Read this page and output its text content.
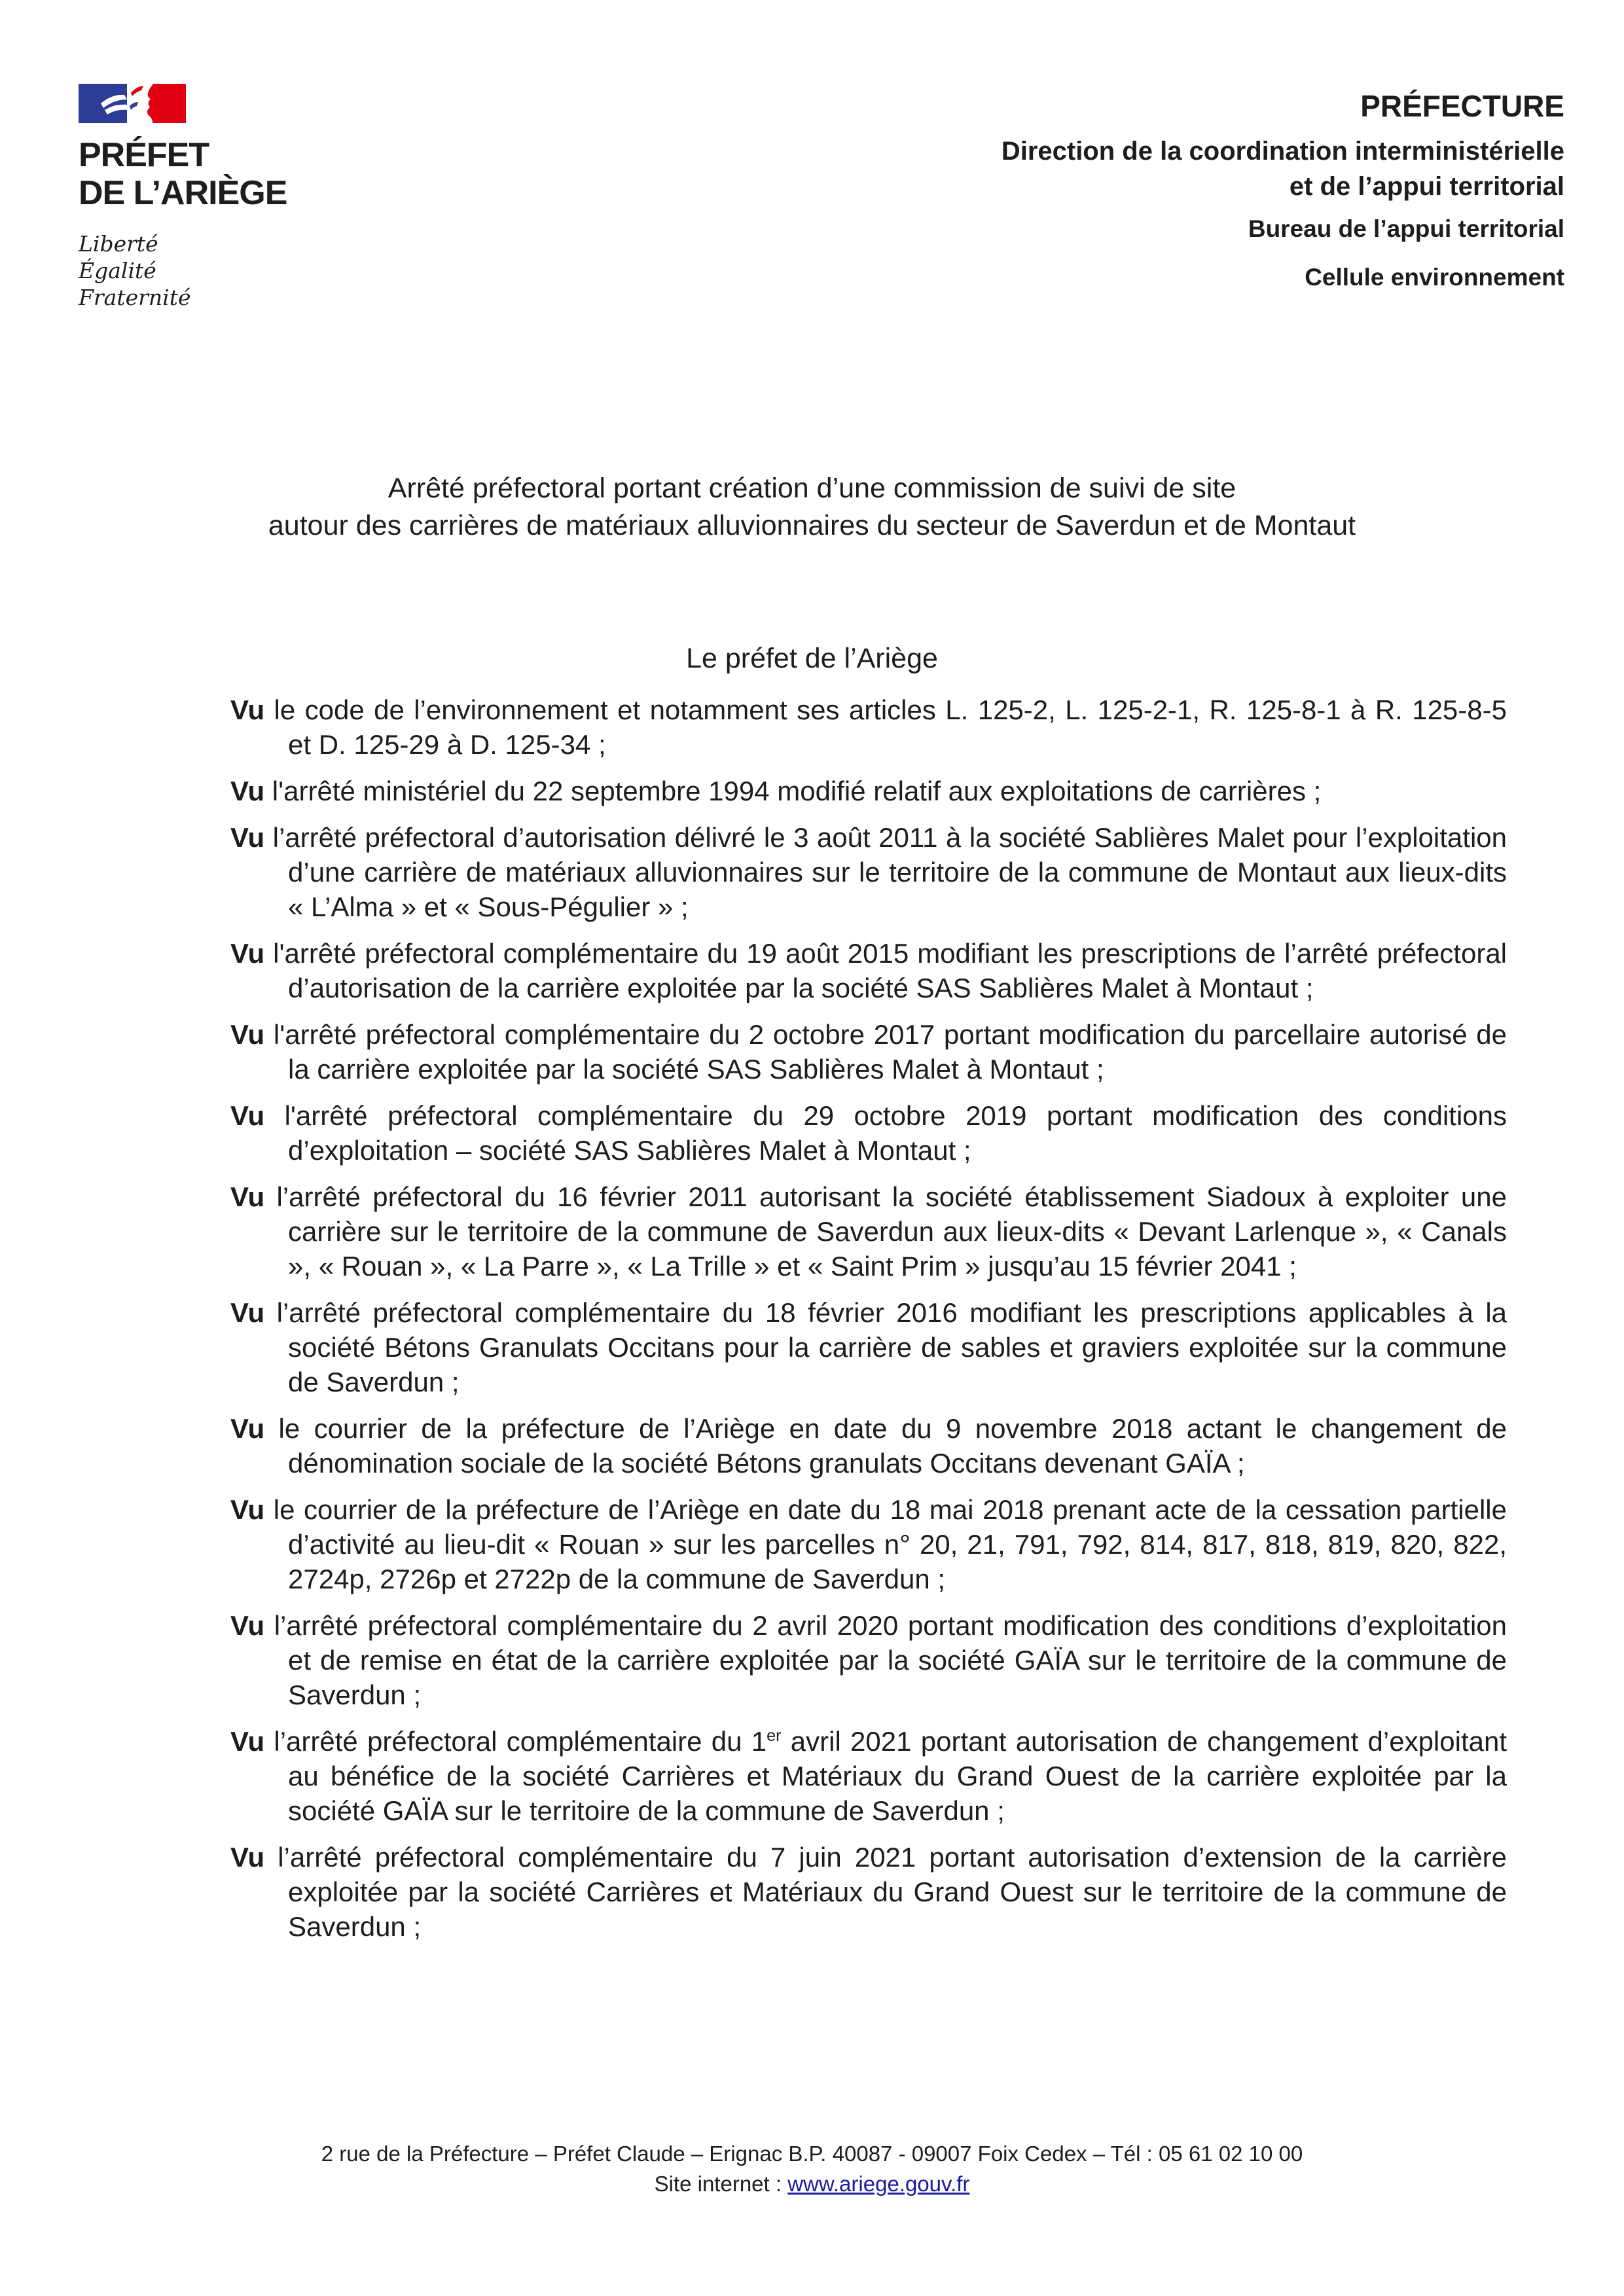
PRÉFET
DE L’ARIÈGE
Liberté
Égalité
Fraternité
PRÉFECTURE
Direction de la coordination interministérielle
et de l’appui territorial
Bureau de l’appui territorial
Cellule environnement
Arrêté préfectoral portant création d’une commission de suivi de site
autour des carrières de matériaux alluvionnaires du secteur de Saverdun et de Montaut
Le préfet de l’Ariège

Vu le code de l’environnement et notamment ses articles L. 125-2, L. 125-2-1, R. 125-8-1 à R. 125-8-5 et D. 125-29 à D. 125-34 ;

Vu l'arrêté ministériel du 22 septembre 1994 modifié relatif aux exploitations de carrières ;

Vu l’arrêté préfectoral d’autorisation délivré le 3 août 2011 à la société Sablières Malet pour l’exploitation d’une carrière de matériaux alluvionnaires sur le territoire de la commune de Montaut aux lieux-dits « L’Alma » et « Sous-Pégulier » ;

Vu l'arrêté préfectoral complémentaire du 19 août 2015 modifiant les prescriptions de l’arrêté préfectoral d’autorisation de la carrière exploitée par la société SAS Sablières Malet à Montaut ;

Vu l'arrêté préfectoral complémentaire du 2 octobre 2017 portant modification du parcellaire autorisé de la carrière exploitée par la société SAS Sablières Malet à Montaut ;

Vu l'arrêté préfectoral complémentaire du 29 octobre 2019 portant modification des conditions d’exploitation – société SAS Sablières Malet à Montaut ;

Vu l’arrêté préfectoral du 16 février 2011 autorisant la société établissement Siadoux à exploiter une carrière sur le territoire de la commune de Saverdun aux lieux-dits « Devant Larlenque », « Canals », « Rouan », « La Parre », « La Trille » et « Saint Prim » jusqu’au 15 février 2041 ;

Vu l’arrêté préfectoral complémentaire du 18 février 2016 modifiant les prescriptions applicables à la société Bétons Granulats Occitans pour la carrière de sables et graviers exploitée sur la commune de Saverdun ;

Vu le courrier de la préfecture de l’Ariège en date du 9 novembre 2018 actant le changement de dénomination sociale de la société Bétons granulats Occitans devenant GAÏA ;

Vu le courrier de la préfecture de l’Ariège en date du 18 mai 2018 prenant acte de la cessation partielle d’activité au lieu-dit « Rouan » sur les parcelles n° 20, 21, 791, 792, 814, 817, 818, 819, 820, 822, 2724p, 2726p et 2722p de la commune de Saverdun ;

Vu l’arrêté préfectoral complémentaire du 2 avril 2020 portant modification des conditions d’exploitation et de remise en état de la carrière exploitée par la société GAÏA sur le territoire de la commune de Saverdun ;

Vu l’arrêté préfectoral complémentaire du 1er avril 2021 portant autorisation de changement d’exploitant au bénéfice de la société Carrières et Matériaux du Grand Ouest de la carrière exploitée par la société GAÏA sur le territoire de la commune de Saverdun ;

Vu l’arrêté préfectoral complémentaire du 7 juin 2021 portant autorisation d’extension de la carrière exploitée par la société Carrières et Matériaux du Grand Ouest sur le territoire de la commune de Saverdun ;

2 rue de la Préfecture – Préfet Claude – Erignac B.P. 40087 - 09007 Foix Cedex – Tél : 05 61 02 10 00
Site internet : www.ariege.gouv.fr
